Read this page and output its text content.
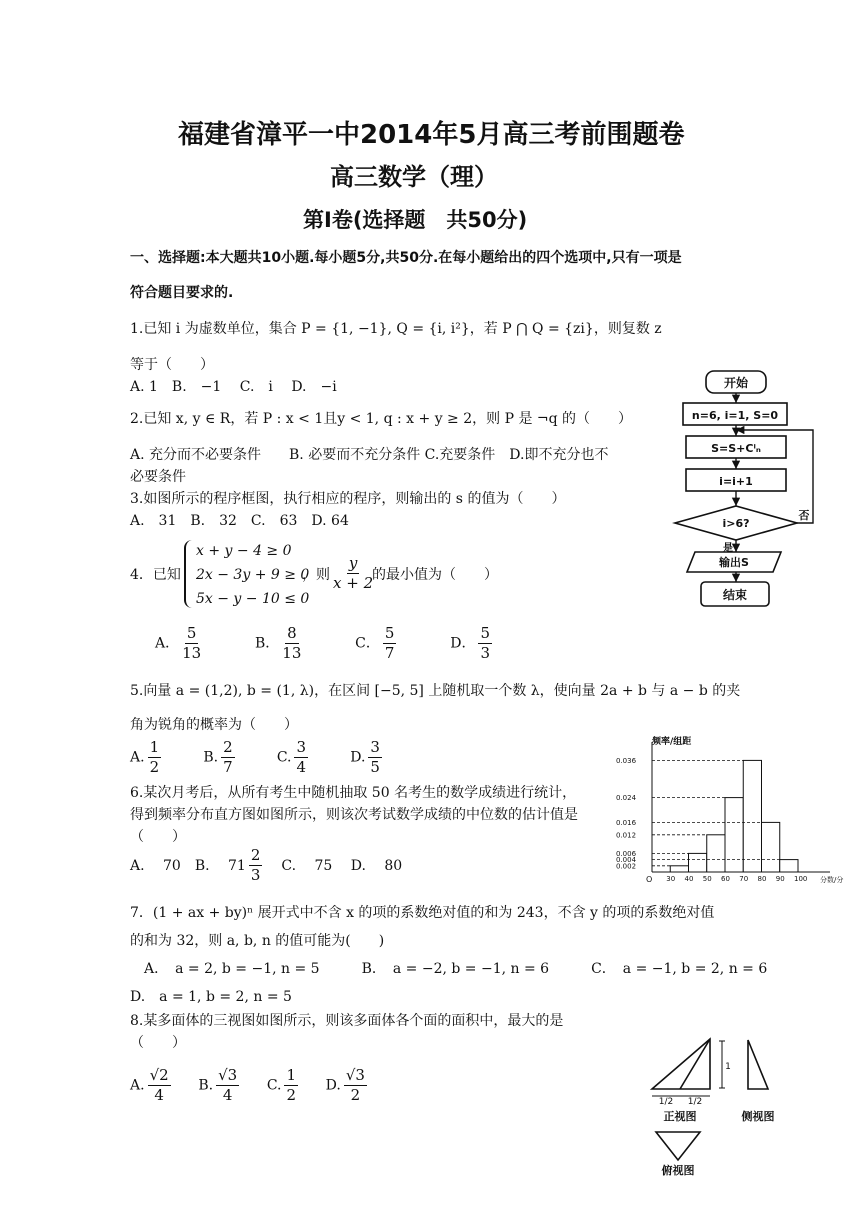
福建省漳平一中2014年5月高三考前围题卷
高三数学（理）
第Ⅰ卷(选择题　共50分)
一、选择题:本大题共10小题.每小题5分,共50分.在每小题给出的四个选项中,只有一项是
符合题目要求的.
1.已知 i 为虚数单位，集合 P = {1, −1}, Q = {i, i²}，若 P ⋂ Q = {zi}，则复数 z
等于（　　）
A. 1　B.　−1　 C.　i　 D.　−i
2.已知 x, y ∈ R，若 P : x < 1且y < 1, q : x + y ≥ 2，则 P 是 ¬q 的（　　）
A. 充分而不必要条件　　B. 必要而不充分条件 C.充要条件　D.即不充分也不
必要条件
3.如图所示的程序框图，执行相应的程序，则输出的 s 的值为（　　）
A.　31　B.　32　C.　63　D. 64
4．已知
x + y − 4 ≥ 0
2x − 3y + 9 ≥ 0
5x − y − 10 ≤ 0
，则 $\frac{y}{x + 2}$
的最小值为（　　）
A． $\frac{5}{13}$	B． $\frac{8}{13}$	C． $\frac{5}{7}$	D． $\frac{5}{3}$
5.向量 a = (1,2), b = (1, λ)，在区间 [−5, 5] 上随机取一个数 λ，使向量 2a + b 与 a − b 的夹
角为锐角的概率为（　　）
A. $\frac{1}{2}$	B. $\frac{2}{7}$	C. $\frac{3}{4}$	D. $\frac{3}{5}$
6.某次月考后，从所有考生中随机抽取 50 名考生的数学成绩进行统计，
得到频率分布直方图如图所示，则该次考试数学成绩的中位数的估计值是
（　　）
A.　 70　B.　 $71 \frac{2}{3} C$.　 75　 D.　 80
7．(1 + ax + by)ⁿ 展开式中不含 x 的项的系数绝对值的和为 243，不含 y 的项的系数绝对值
的和为 32，则 a, b, n 的值可能为(　　)
　A．　a = 2, b = −1, n = 5　　　B．　a = −2, b = −1, n = 6　　　C．　a = −1, b = 2, n = 6
D.　a = 1, b = 2, n = 5
8.某多面体的三视图如图所示，则该多面体各个面的面积中，最大的是
（　　）
A. $\frac{√2}{4} B$. $\frac{√3}{4} C$. $\frac{1}{2} D$. $\frac{√3}{2}$
开始
n=6, i=1, S=0
S=S+Cⁱₙ
i=i+1
i>6?
输出S
结束
否
是
频率/组距
分数/分
O
0.036
0.024
0.016
0.012
0.006
0.004
0.002
30 40 50 60 70 80 90 100
1/2 1/2
1
正视图	侧视图
俯视图
